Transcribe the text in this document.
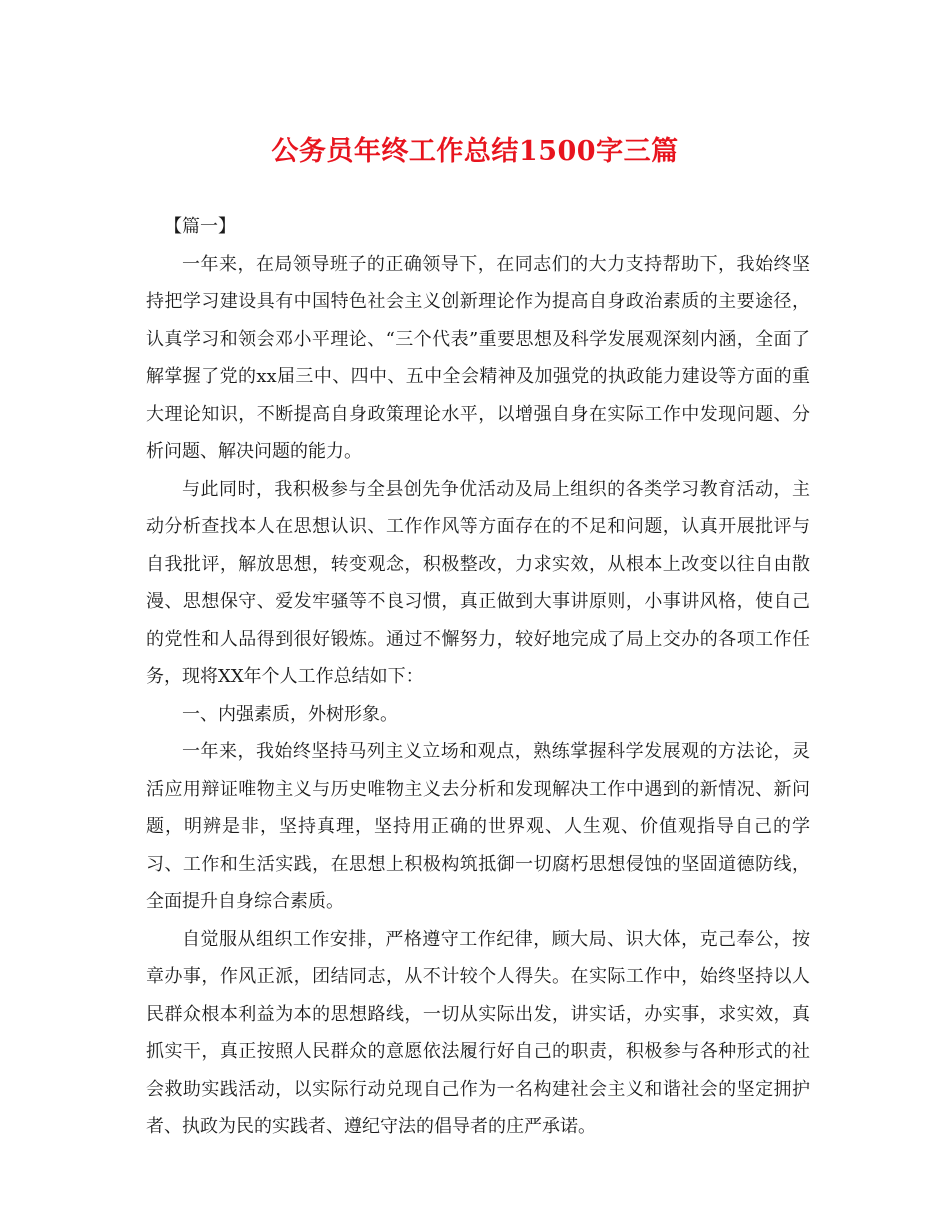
公务员年终工作总结1500字三篇

【篇一】

一年来，在局领导班子的正确领导下，在同志们的大力支持帮助下，我始终坚持把学习建设具有中国特色社会主义创新理论作为提高自身政治素质的主要途径，认真学习和领会邓小平理论、“三个代表”重要思想及科学发展观深刻内涵，全面了解掌握了党的xx届三中、四中、五中全会精神及加强党的执政能力建设等方面的重大理论知识，不断提高自身政策理论水平，以增强自身在实际工作中发现问题、分析问题、解决问题的能力。

与此同时，我积极参与全县创先争优活动及局上组织的各类学习教育活动，主动分析查找本人在思想认识、工作作风等方面存在的不足和问题，认真开展批评与自我批评，解放思想，转变观念，积极整改，力求实效，从根本上改变以往自由散漫、思想保守、爱发牢骚等不良习惯，真正做到大事讲原则，小事讲风格，使自己的党性和人品得到很好锻炼。通过不懈努力，较好地完成了局上交办的各项工作任务，现将XX年个人工作总结如下：

一、内强素质，外树形象。

一年来，我始终坚持马列主义立场和观点，熟练掌握科学发展观的方法论，灵活应用辩证唯物主义与历史唯物主义去分析和发现解决工作中遇到的新情况、新问题，明辨是非，坚持真理，坚持用正确的世界观、人生观、价值观指导自己的学习、工作和生活实践，在思想上积极构筑抵御一切腐朽思想侵蚀的坚固道德防线，全面提升自身综合素质。

自觉服从组织工作安排，严格遵守工作纪律，顾大局、识大体，克己奉公，按章办事，作风正派，团结同志，从不计较个人得失。在实际工作中，始终坚持以人民群众根本利益为本的思想路线，一切从实际出发，讲实话，办实事，求实效，真抓实干，真正按照人民群众的意愿依法履行好自己的职责，积极参与各种形式的社会救助实践活动，以实际行动兑现自己作为一名构建社会主义和谐社会的坚定拥护者、执政为民的实践者、遵纪守法的倡导者的庄严承诺。
